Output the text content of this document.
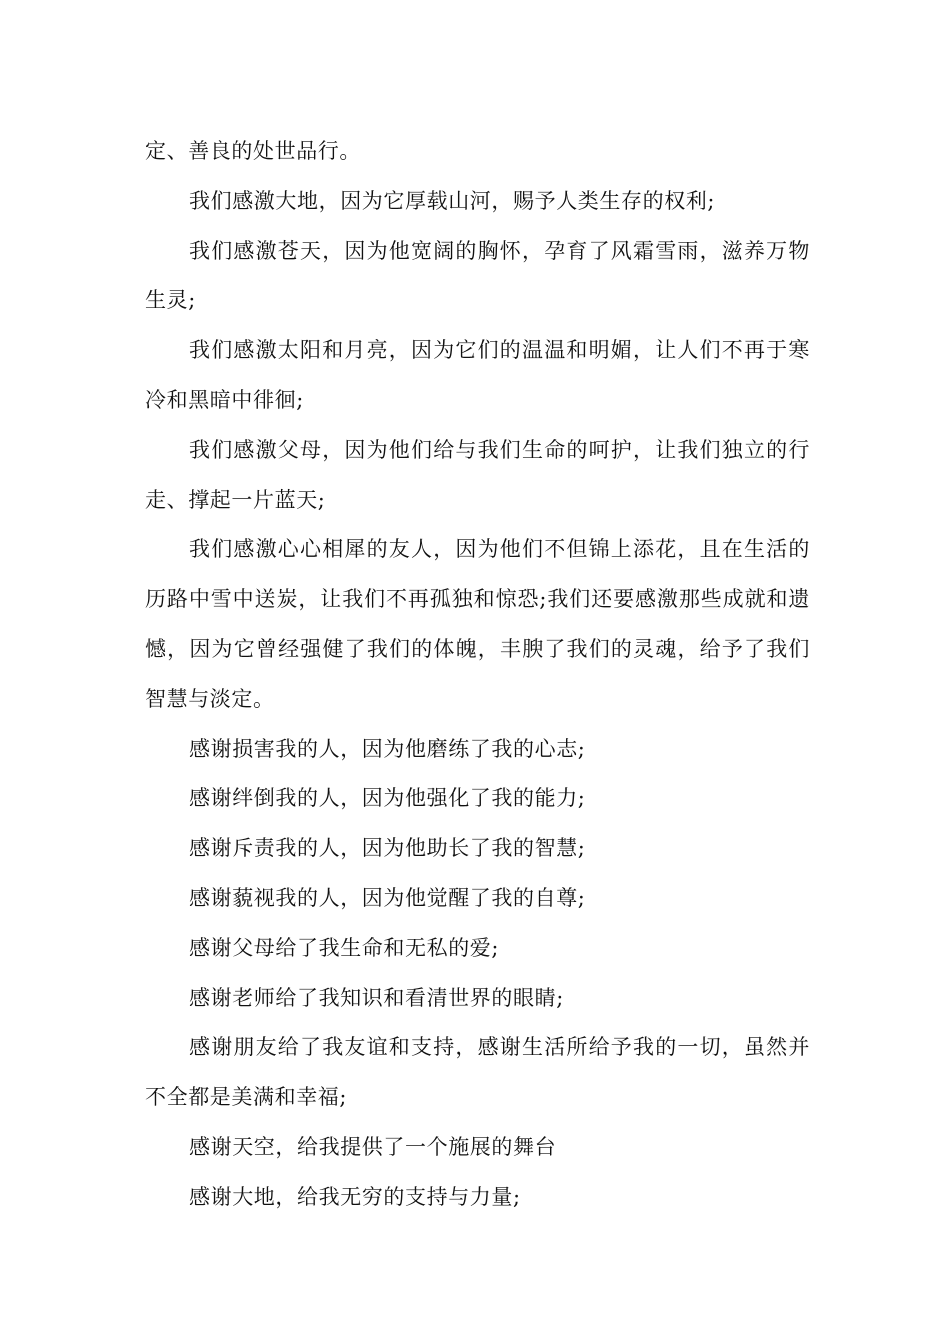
定、善良的处世品行。

我们感激大地，因为它厚载山河，赐予人类生存的权利;

我们感激苍天，因为他宽阔的胸怀，孕育了风霜雪雨，滋养万物生灵;

我们感激太阳和月亮，因为它们的温温和明媚，让人们不再于寒冷和黑暗中徘徊;

我们感激父母，因为他们给与我们生命的呵护，让我们独立的行走、撑起一片蓝天;

我们感激心心相犀的友人，因为他们不但锦上添花，且在生活的历路中雪中送炭，让我们不再孤独和惊恐;我们还要感激那些成就和遗憾，因为它曾经强健了我们的体魄，丰腴了我们的灵魂，给予了我们智慧与淡定。

感谢损害我的人，因为他磨练了我的心志;

感谢绊倒我的人，因为他强化了我的能力;

感谢斥责我的人，因为他助长了我的智慧;

感谢藐视我的人，因为他觉醒了我的自尊;

感谢父母给了我生命和无私的爱;

感谢老师给了我知识和看清世界的眼睛;

感谢朋友给了我友谊和支持，感谢生活所给予我的一切，虽然并不全都是美满和幸福;

感谢天空，给我提供了一个施展的舞台

感谢大地，给我无穷的支持与力量;
